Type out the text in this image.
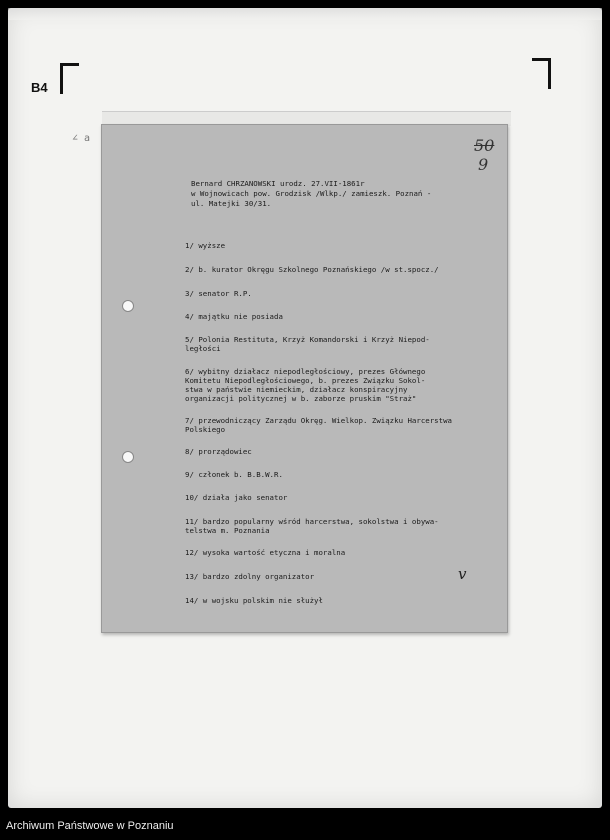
B4
∠ a	50
9
Bernard CHRZANOWSKI urodz. 27.VII-1861r
w Wojnowicach pow. Grodzisk /Wlkp./ zamieszk. Poznań -
ul. Matejki 30/31.
1/ wyższe
2/ b. kurator Okręgu Szkolnego Poznańskiego /w st.spocz./
3/ senator R.P.
4/ majątku nie posiada
5/ Polonia Restituta, Krzyż Komandorski i Krzyż Niepod-
ległości
6/ wybitny działacz niepodległościowy, prezes Głównego
Komitetu Niepodległościowego, b. prezes Związku Sokol-
stwa w państwie niemieckim, działacz konspiracyjny
organizacji politycznej w b. zaborze pruskim "Straż"
7/ przewodniczący Zarządu Okręg. Wielkop. Związku Harcerstwa
Polskiego
8/ prorządowiec
9/ członek b. B.B.W.R.
10/ działa jako senator
11/ bardzo popularny wśród harcerstwa, sokolstwa i obywa-
telstwa m. Poznania
12/ wysoka wartość etyczna i moralna
13/ bardzo zdolny organizator
14/ w wojsku polskim nie służył
v
Archiwum Państwowe w Poznaniu
